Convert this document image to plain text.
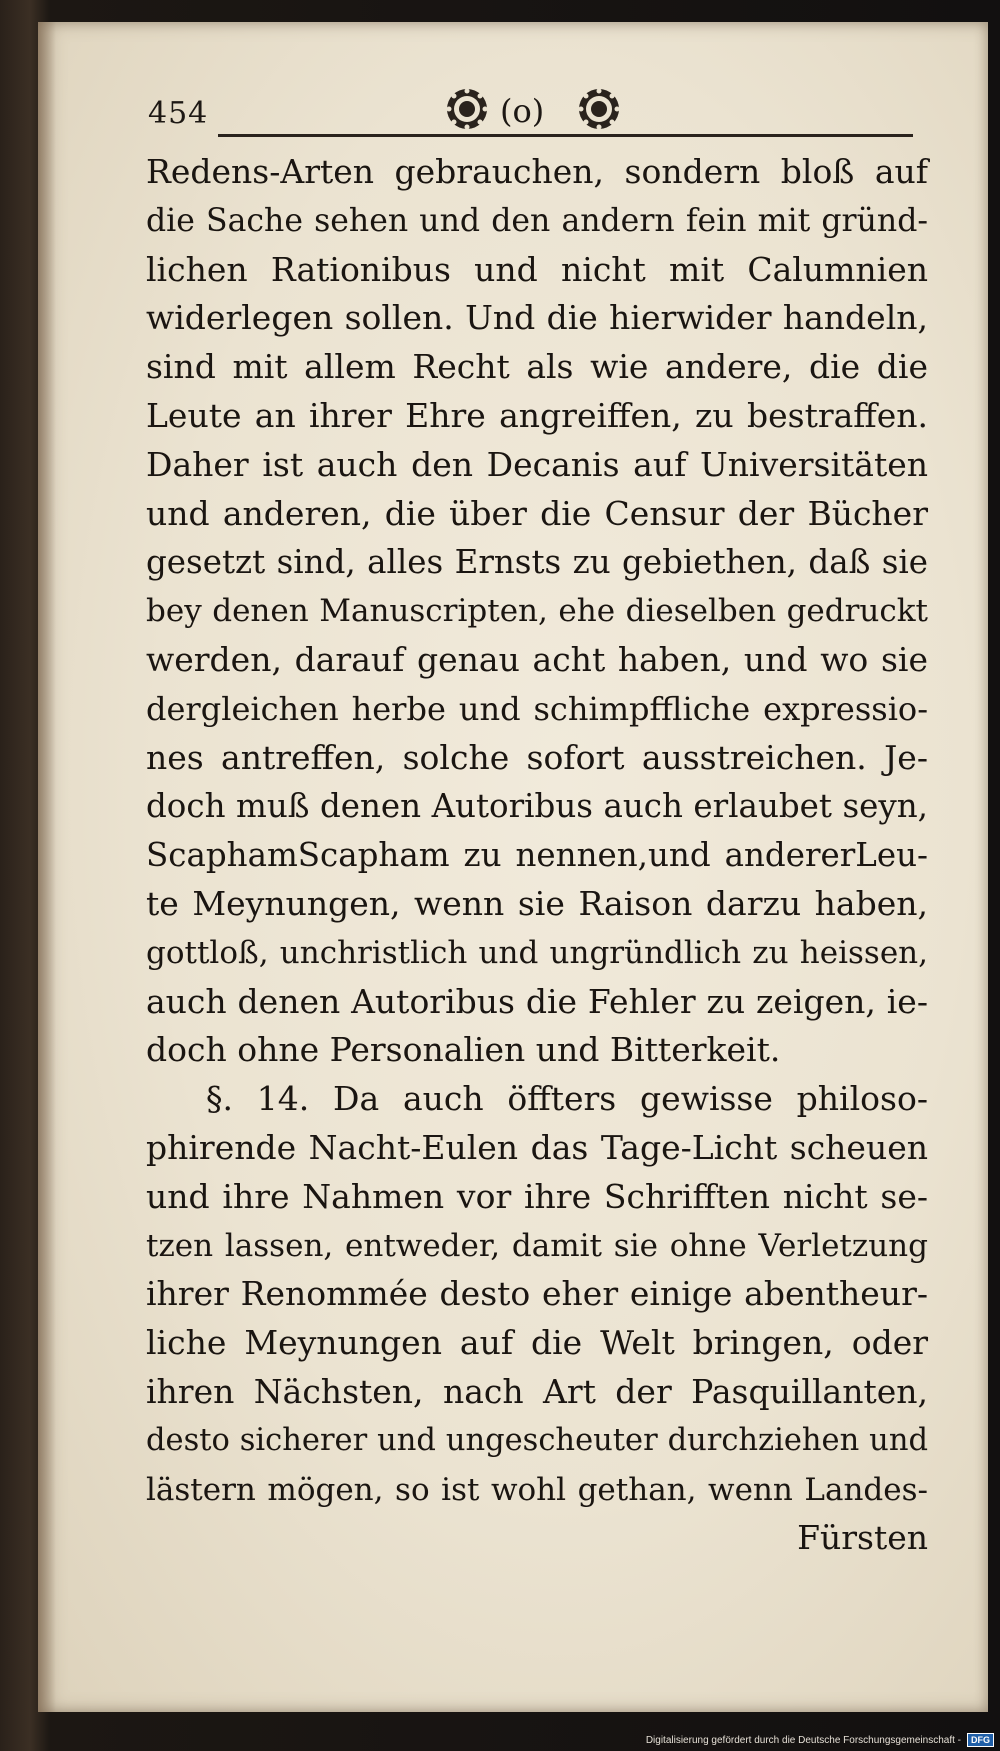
454	(o)
Redens-Arten gebrauchen, sondern bloß auf
die Sache sehen und den andern fein mit gründ-
lichen Rationibus und nicht mit Calumnien
widerlegen sollen. Und die hierwider handeln,
sind mit allem Recht als wie andere, die die
Leute an ihrer Ehre angreiffen, zu bestraffen.
Daher ist auch den Decanis auf Universitäten
und anderen, die über die Censur der Bücher
gesetzt sind, alles Ernsts zu gebiethen, daß sie
bey denen Manuscripten, ehe dieselben gedruckt
werden, darauf genau acht haben, und wo sie
dergleichen herbe und schimpffliche expressio-
nes antreffen, solche sofort ausstreichen. Je-
doch muß denen Autoribus auch erlaubet seyn,
ScaphamScapham zu nennen,und andererLeu-
te Meynungen, wenn sie Raison darzu haben,
gottloß, unchristlich und ungründlich zu heissen,
auch denen Autoribus die Fehler zu zeigen, ie-
doch ohne Personalien und Bitterkeit.
§. 14. Da auch öffters gewisse philoso-
phirende Nacht-Eulen das Tage-Licht scheuen
und ihre Nahmen vor ihre Schrifften nicht se-
tzen lassen, entweder, damit sie ohne Verletzung
ihrer Renommée desto eher einige abentheur-
liche Meynungen auf die Welt bringen, oder
ihren Nächsten, nach Art der Pasquillanten,
desto sicherer und ungescheuter durchziehen und
lästern mögen, so ist wohl gethan, wenn Landes-
Fürsten
Digitalisierung gefördert durch die Deutsche Forschungsgemeinschaft -	DFG
